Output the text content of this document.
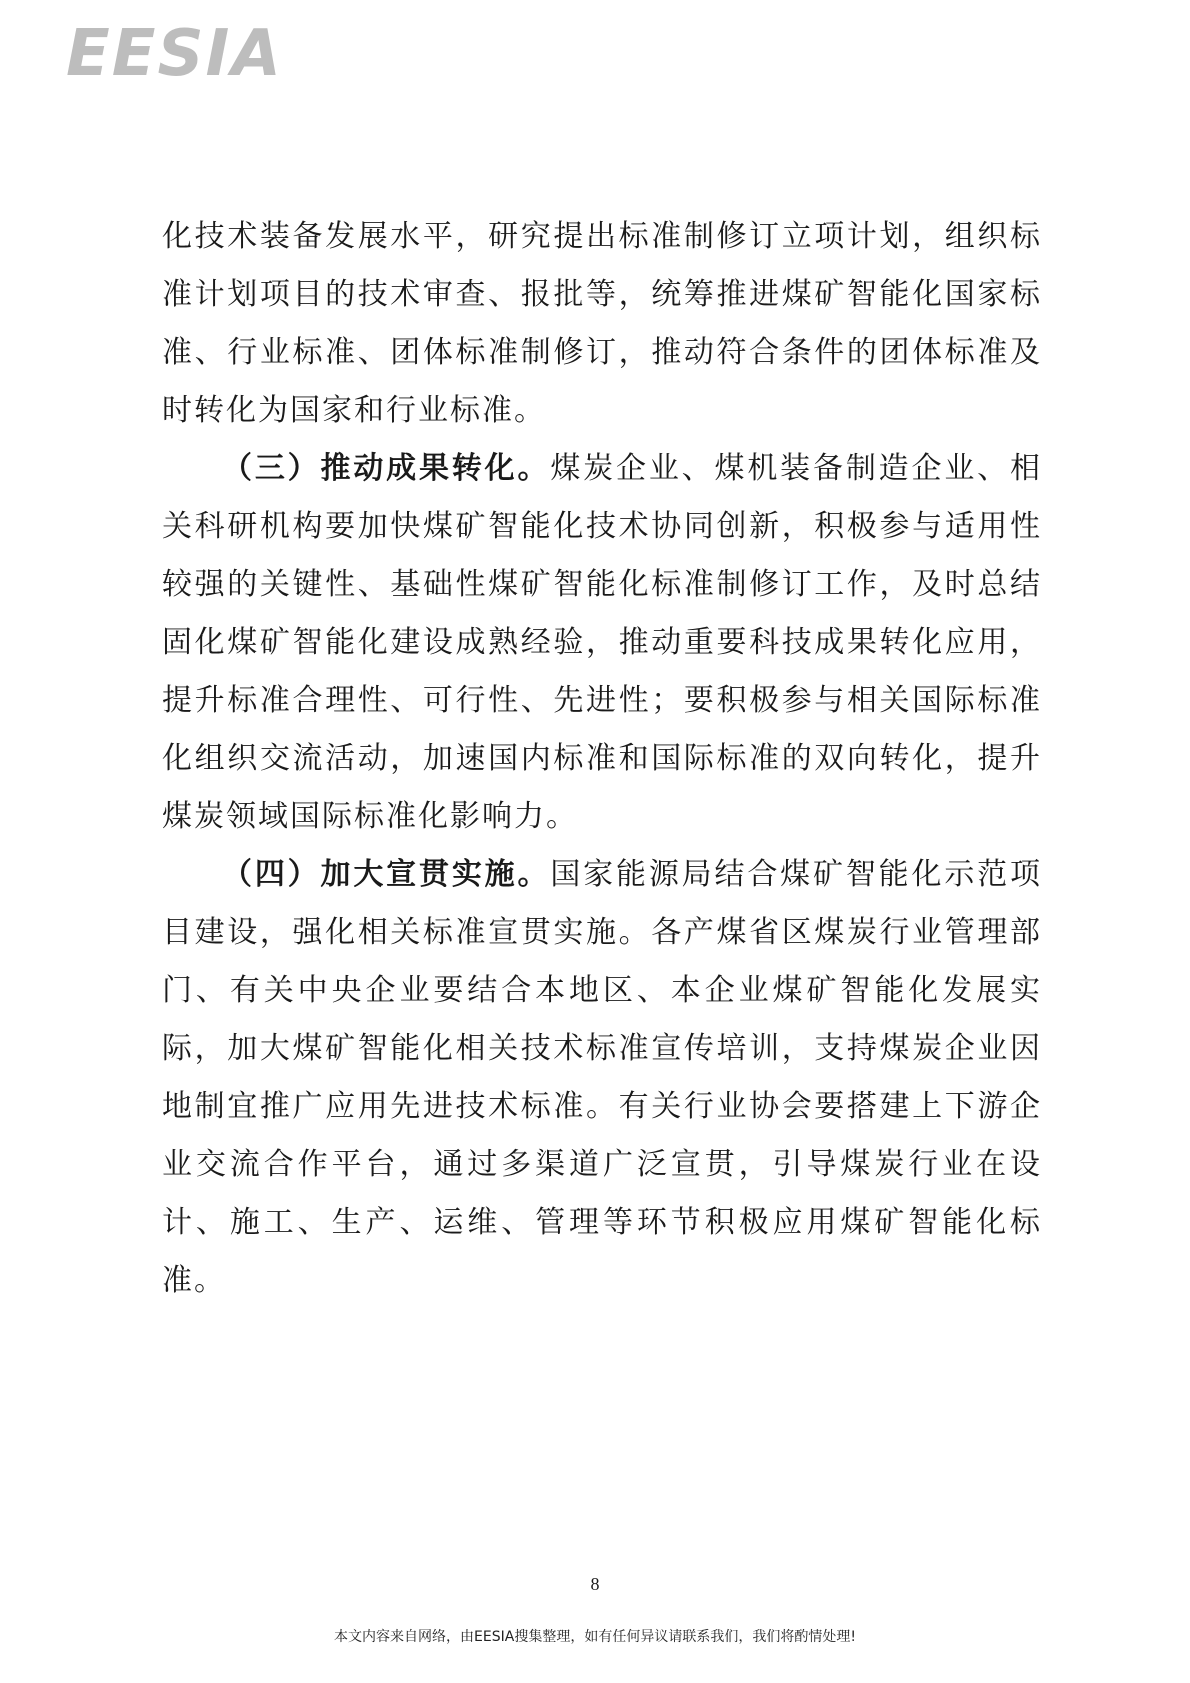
EESIA

化技术装备发展水平，研究提出标准制修订立项计划，组织标准计划项目的技术审查、报批等，统筹推进煤矿智能化国家标准、行业标准、团体标准制修订，推动符合条件的团体标准及时转化为国家和行业标准。

（三）推动成果转化。煤炭企业、煤机装备制造企业、相关科研机构要加快煤矿智能化技术协同创新，积极参与适用性较强的关键性、基础性煤矿智能化标准制修订工作，及时总结固化煤矿智能化建设成熟经验，推动重要科技成果转化应用，提升标准合理性、可行性、先进性；要积极参与相关国际标准化组织交流活动，加速国内标准和国际标准的双向转化，提升煤炭领域国际标准化影响力。

（四）加大宣贯实施。国家能源局结合煤矿智能化示范项目建设，强化相关标准宣贯实施。各产煤省区煤炭行业管理部门、有关中央企业要结合本地区、本企业煤矿智能化发展实际，加大煤矿智能化相关技术标准宣传培训，支持煤炭企业因地制宜推广应用先进技术标准。有关行业协会要搭建上下游企业交流合作平台，通过多渠道广泛宣贯，引导煤炭行业在设计、施工、生产、运维、管理等环节积极应用煤矿智能化标准。

8
本文内容来自网络，由EESIA搜集整理，如有任何异议请联系我们，我们将酌情处理!
